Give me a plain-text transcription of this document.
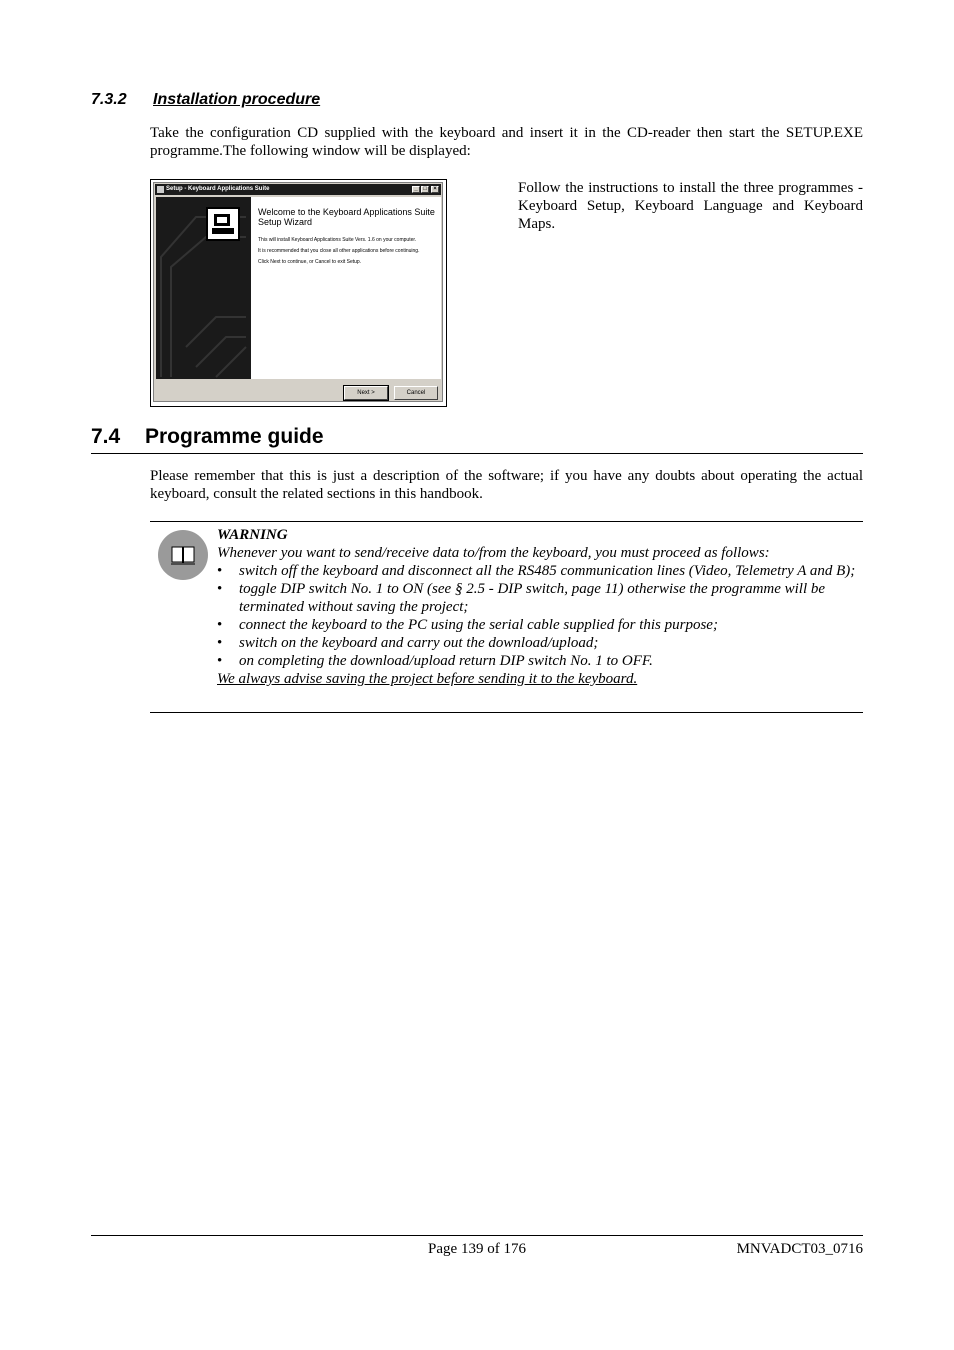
7.3.2 Installation procedure
Take the configuration CD supplied with the keyboard and insert it in the CD-reader then start the SETUP.EXE programme.The following window will be displayed:
Setup - Keyboard Applications Suite	_ □	×
Welcome to the Keyboard Applications Suite Setup Wizard
This will install Keyboard Applications Suite Vers. 1.6 on your computer.
It is recommended that you close all other applications before continuing.
Click Next to continue, or Cancel to exit Setup.
Next >	Cancel
Follow the instructions to install the three programmes - Keyboard Setup, Keyboard Language and Keyboard Maps.
7.4 Programme guide
Please remember that this is just a description of the software; if you have any doubts about operating the actual keyboard, consult the related sections in this handbook.
WARNING
Whenever you want to send/receive data to/from the keyboard, you must proceed as follows:
• switch off the keyboard and disconnect all the RS485 communication lines (Video, Telemetry A and B);
• toggle DIP switch No. 1 to ON (see § 2.5 - DIP switch, page 11) otherwise the programme will be terminated without saving the project;
• connect the keyboard to the PC using the serial cable supplied for this purpose;
• switch on the keyboard and carry out the download/upload;
• on completing the download/upload return DIP switch No. 1 to OFF.
We always advise saving the project before sending it to the keyboard.
Page 139 of 176	MNVADCT03_0716
